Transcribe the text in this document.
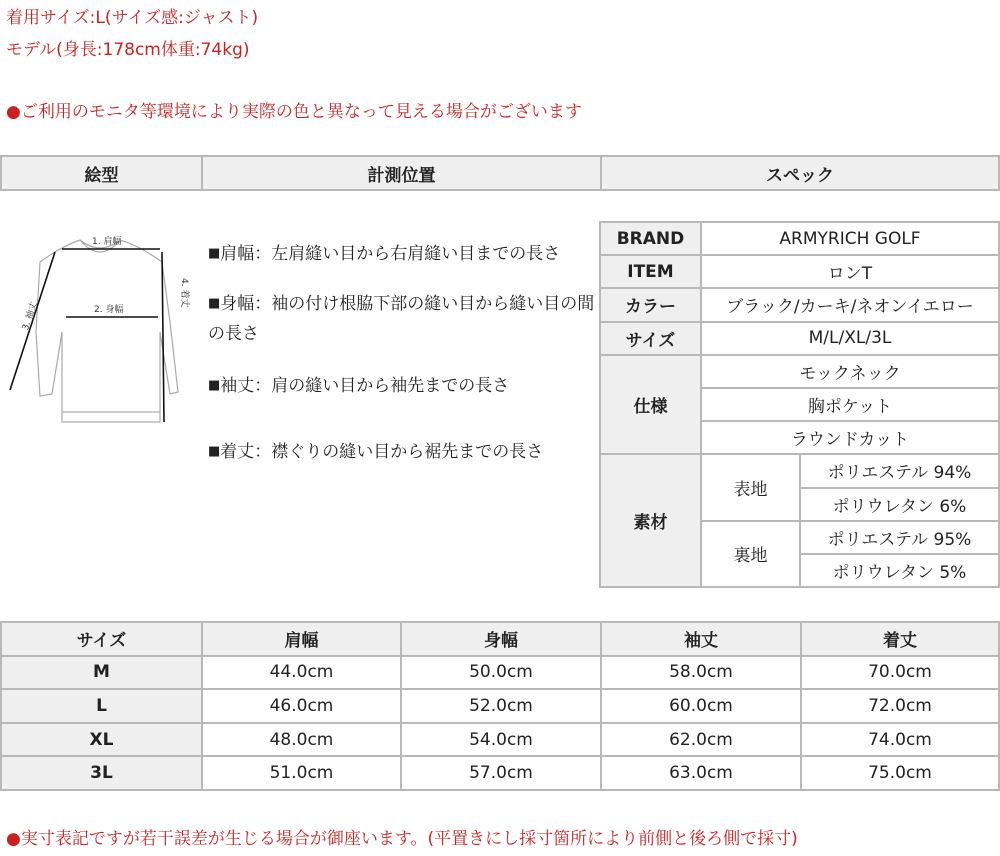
着用サイズ:L(サイズ感:ジャスト)
モデル(身長:178cm体重:74kg)
●ご利用のモニタ等環境により実際の色と異なって見える場合がございます
絵型	計測位置	スペック
1. 肩幅
2. 身幅
3. 袖丈
4. 着丈
■肩幅：左肩縫い目から右肩縫い目までの長さ
■身幅：袖の付け根脇下部の縫い目から縫い目の間の長さ
■袖丈：肩の縫い目から袖先までの長さ
■着丈：襟ぐりの縫い目から裾先までの長さ
BRAND	ARMYRICH GOLF	
ITEM	ロンT	
カラー	ブラック/カーキ/ネオンイエロー	
サイズ	M/L/XL/3L	
仕様	モックネック	
	胸ポケット	
	ラウンドカット	
素材	表地	ポリエステル 94%
		ポリウレタン 6%
	裏地	ポリエステル 95%
		ポリウレタン 5%
サイズ	肩幅	身幅	袖丈	着丈
M	44.0cm	50.0cm	58.0cm	70.0cm
L	46.0cm	52.0cm	60.0cm	72.0cm
XL	48.0cm	54.0cm	62.0cm	74.0cm
3L	51.0cm	57.0cm	63.0cm	75.0cm
●実寸表記ですが若干誤差が生じる場合が御座います。(平置きにし採寸箇所により前側と後ろ側で採寸)
